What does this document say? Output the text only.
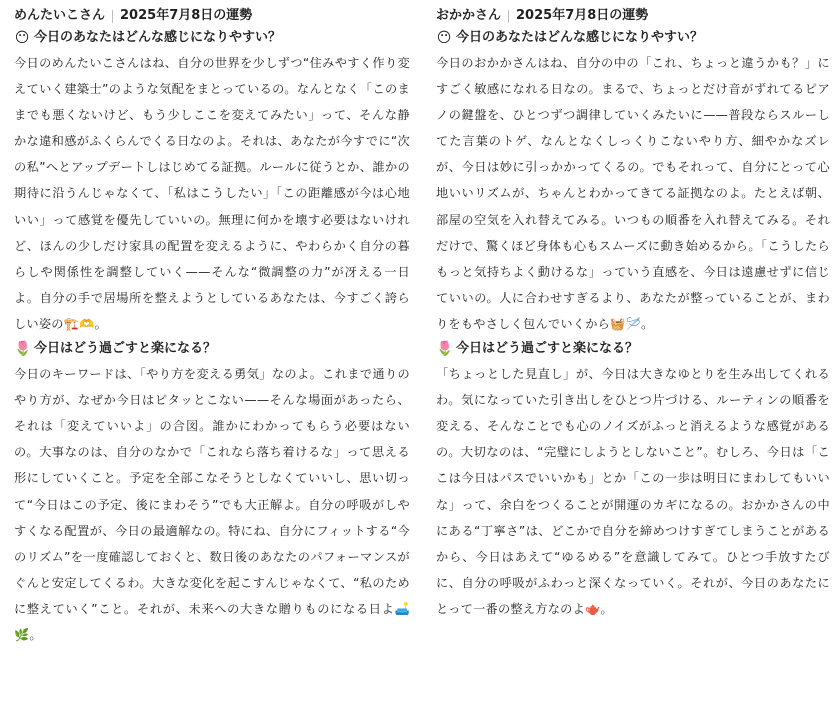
めんたいこさん 2025年7月8日の運勢
😶 今日のあなたはどんな感じになりやすい？

今日のめんたいこさんはね、自分の世界を少しずつ“住みやすく作り変えていく建築士”のような気配をまとっているの。なんとなく「このままでも悪くないけど、もう少しここを変えてみたい」って、そんな静かな違和感がふくらんでくる日なのよ。それは、あなたが今すでに“次の私”へとアップデートしはじめてる証拠。ルールに従うとか、誰かの期待に沿うんじゃなくて、「私はこうしたい」「この距離感が今は心地いい」って感覚を優先していいの。無理に何かを壊す必要はないけれど、ほんの少しだけ家具の配置を変えるように、やわらかく自分の暮らしや関係性を調整していく——そんな“微調整の力”が冴える一日よ。自分の手で居場所を整えようとしているあなたは、今すごく誇らしい姿の🏗️🫶。

🌷 今日はどう過ごすと楽になる？

今日のキーワードは、「やり方を変える勇気」なのよ。これまで通りのやり方が、なぜか今日はピタッとこない——そんな場面があったら、それは「変えていいよ」の合図。誰かにわかってもらう必要はないの。大事なのは、自分のなかで「これなら落ち着けるな」って思える形にしていくこと。予定を全部こなそうとしなくていいし、思い切って“今日はこの予定、後にまわそう”でも大正解よ。自分の呼吸がしやすくなる配置が、今日の最適解なの。特にね、自分にフィットする“今のリズム”を一度確認しておくと、数日後のあなたのパフォーマンスがぐんと安定してくるわ。大きな変化を起こすんじゃなくて、“私のために整えていく”こと。それが、未来への大きな贈りものになる日よ🛋️🌿。

おかかさん 2025年7月8日の運勢
😶 今日のあなたはどんな感じになりやすい？

今日のおかかさんはね、自分の中の「これ、ちょっと違うかも？」にすごく敏感になれる日なの。まるで、ちょっとだけ音がずれてるピアノの鍵盤を、ひとつずつ調律していくみたいに——普段ならスルーしてた言葉のトゲ、なんとなくしっくりこないやり方、細やかなズレが、今日は妙に引っかかってくるの。でもそれって、自分にとって心地いいリズムが、ちゃんとわかってきてる証拠なのよ。たとえば朝、部屋の空気を入れ替えてみる。いつもの順番を入れ替えてみる。それだけで、驚くほど身体も心もスムーズに動き始めるから。「こうしたらもっと気持ちよく動けるな」っていう直感を、今日は遠慮せずに信じていいの。人に合わせすぎるより、あなたが整っていることが、まわりをもやさしく包んでいくから🧺🪡。

🌷 今日はどう過ごすと楽になる？

「ちょっとした見直し」が、今日は大きなゆとりを生み出してくれるわ。気になっていた引き出しをひとつ片づける、ルーティンの順番を変える、そんなことでも心のノイズがふっと消えるような感覚があるの。大切なのは、“完璧にしようとしないこと”。むしろ、今日は「ここは今日はパスでいいかも」とか「この一歩は明日にまわしてもいいな」って、余白をつくることが開運のカギになるの。おかかさんの中にある“丁寧さ”は、どこかで自分を締めつけすぎてしまうことがあるから、今日はあえて“ゆるめる”を意識してみて。ひとつ手放すたびに、自分の呼吸がふわっと深くなっていく。それが、今日のあなたにとって一番の整え方なのよ🫖。
